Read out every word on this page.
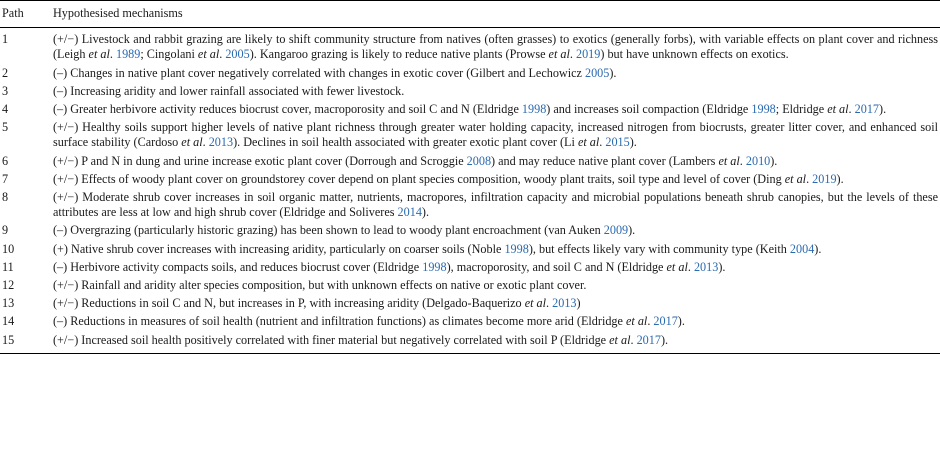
Path	Hypothesised mechanisms
1	(+/−) Livestock and rabbit grazing are likely to shift community structure from natives (often grasses) to exotics (generally forbs), with variable effects on plant cover and richness (Leigh et al. 1989; Cingolani et al. 2005). Kangaroo grazing is likely to reduce native plants (Prowse et al. 2019) but have unknown effects on exotics.
2	(–) Changes in native plant cover negatively correlated with changes in exotic cover (Gilbert and Lechowicz 2005).
3	(–) Increasing aridity and lower rainfall associated with fewer livestock.
4	(–) Greater herbivore activity reduces biocrust cover, macroporosity and soil C and N (Eldridge 1998) and increases soil compaction (Eldridge 1998; Eldridge et al. 2017).
5	(+/−) Healthy soils support higher levels of native plant richness through greater water holding capacity, increased nitrogen from biocrusts, greater litter cover, and enhanced soil surface stability (Cardoso et al. 2013). Declines in soil health associated with greater exotic plant cover (Li et al. 2015).
6	(+/−) P and N in dung and urine increase exotic plant cover (Dorrough and Scroggie 2008) and may reduce native plant cover (Lambers et al. 2010).
7	(+/−) Effects of woody plant cover on groundstorey cover depend on plant species composition, woody plant traits, soil type and level of cover (Ding et al. 2019).
8	(+/−) Moderate shrub cover increases in soil organic matter, nutrients, macropores, infiltration capacity and microbial populations beneath shrub canopies, but the levels of these attributes are less at low and high shrub cover (Eldridge and Soliveres 2014).
9	(–) Overgrazing (particularly historic grazing) has been shown to lead to woody plant encroachment (van Auken 2009).
10	(+) Native shrub cover increases with increasing aridity, particularly on coarser soils (Noble 1998), but effects likely vary with community type (Keith 2004).
11	(–) Herbivore activity compacts soils, and reduces biocrust cover (Eldridge 1998), macroporosity, and soil C and N (Eldridge et al. 2013).
12	(+/−) Rainfall and aridity alter species composition, but with unknown effects on native or exotic plant cover.
13	(+/−) Reductions in soil C and N, but increases in P, with increasing aridity (Delgado-Baquerizo et al. 2013)
14	(–) Reductions in measures of soil health (nutrient and infiltration functions) as climates become more arid (Eldridge et al. 2017).
15	(+/−) Increased soil health positively correlated with finer material but negatively correlated with soil P (Eldridge et al. 2017).
